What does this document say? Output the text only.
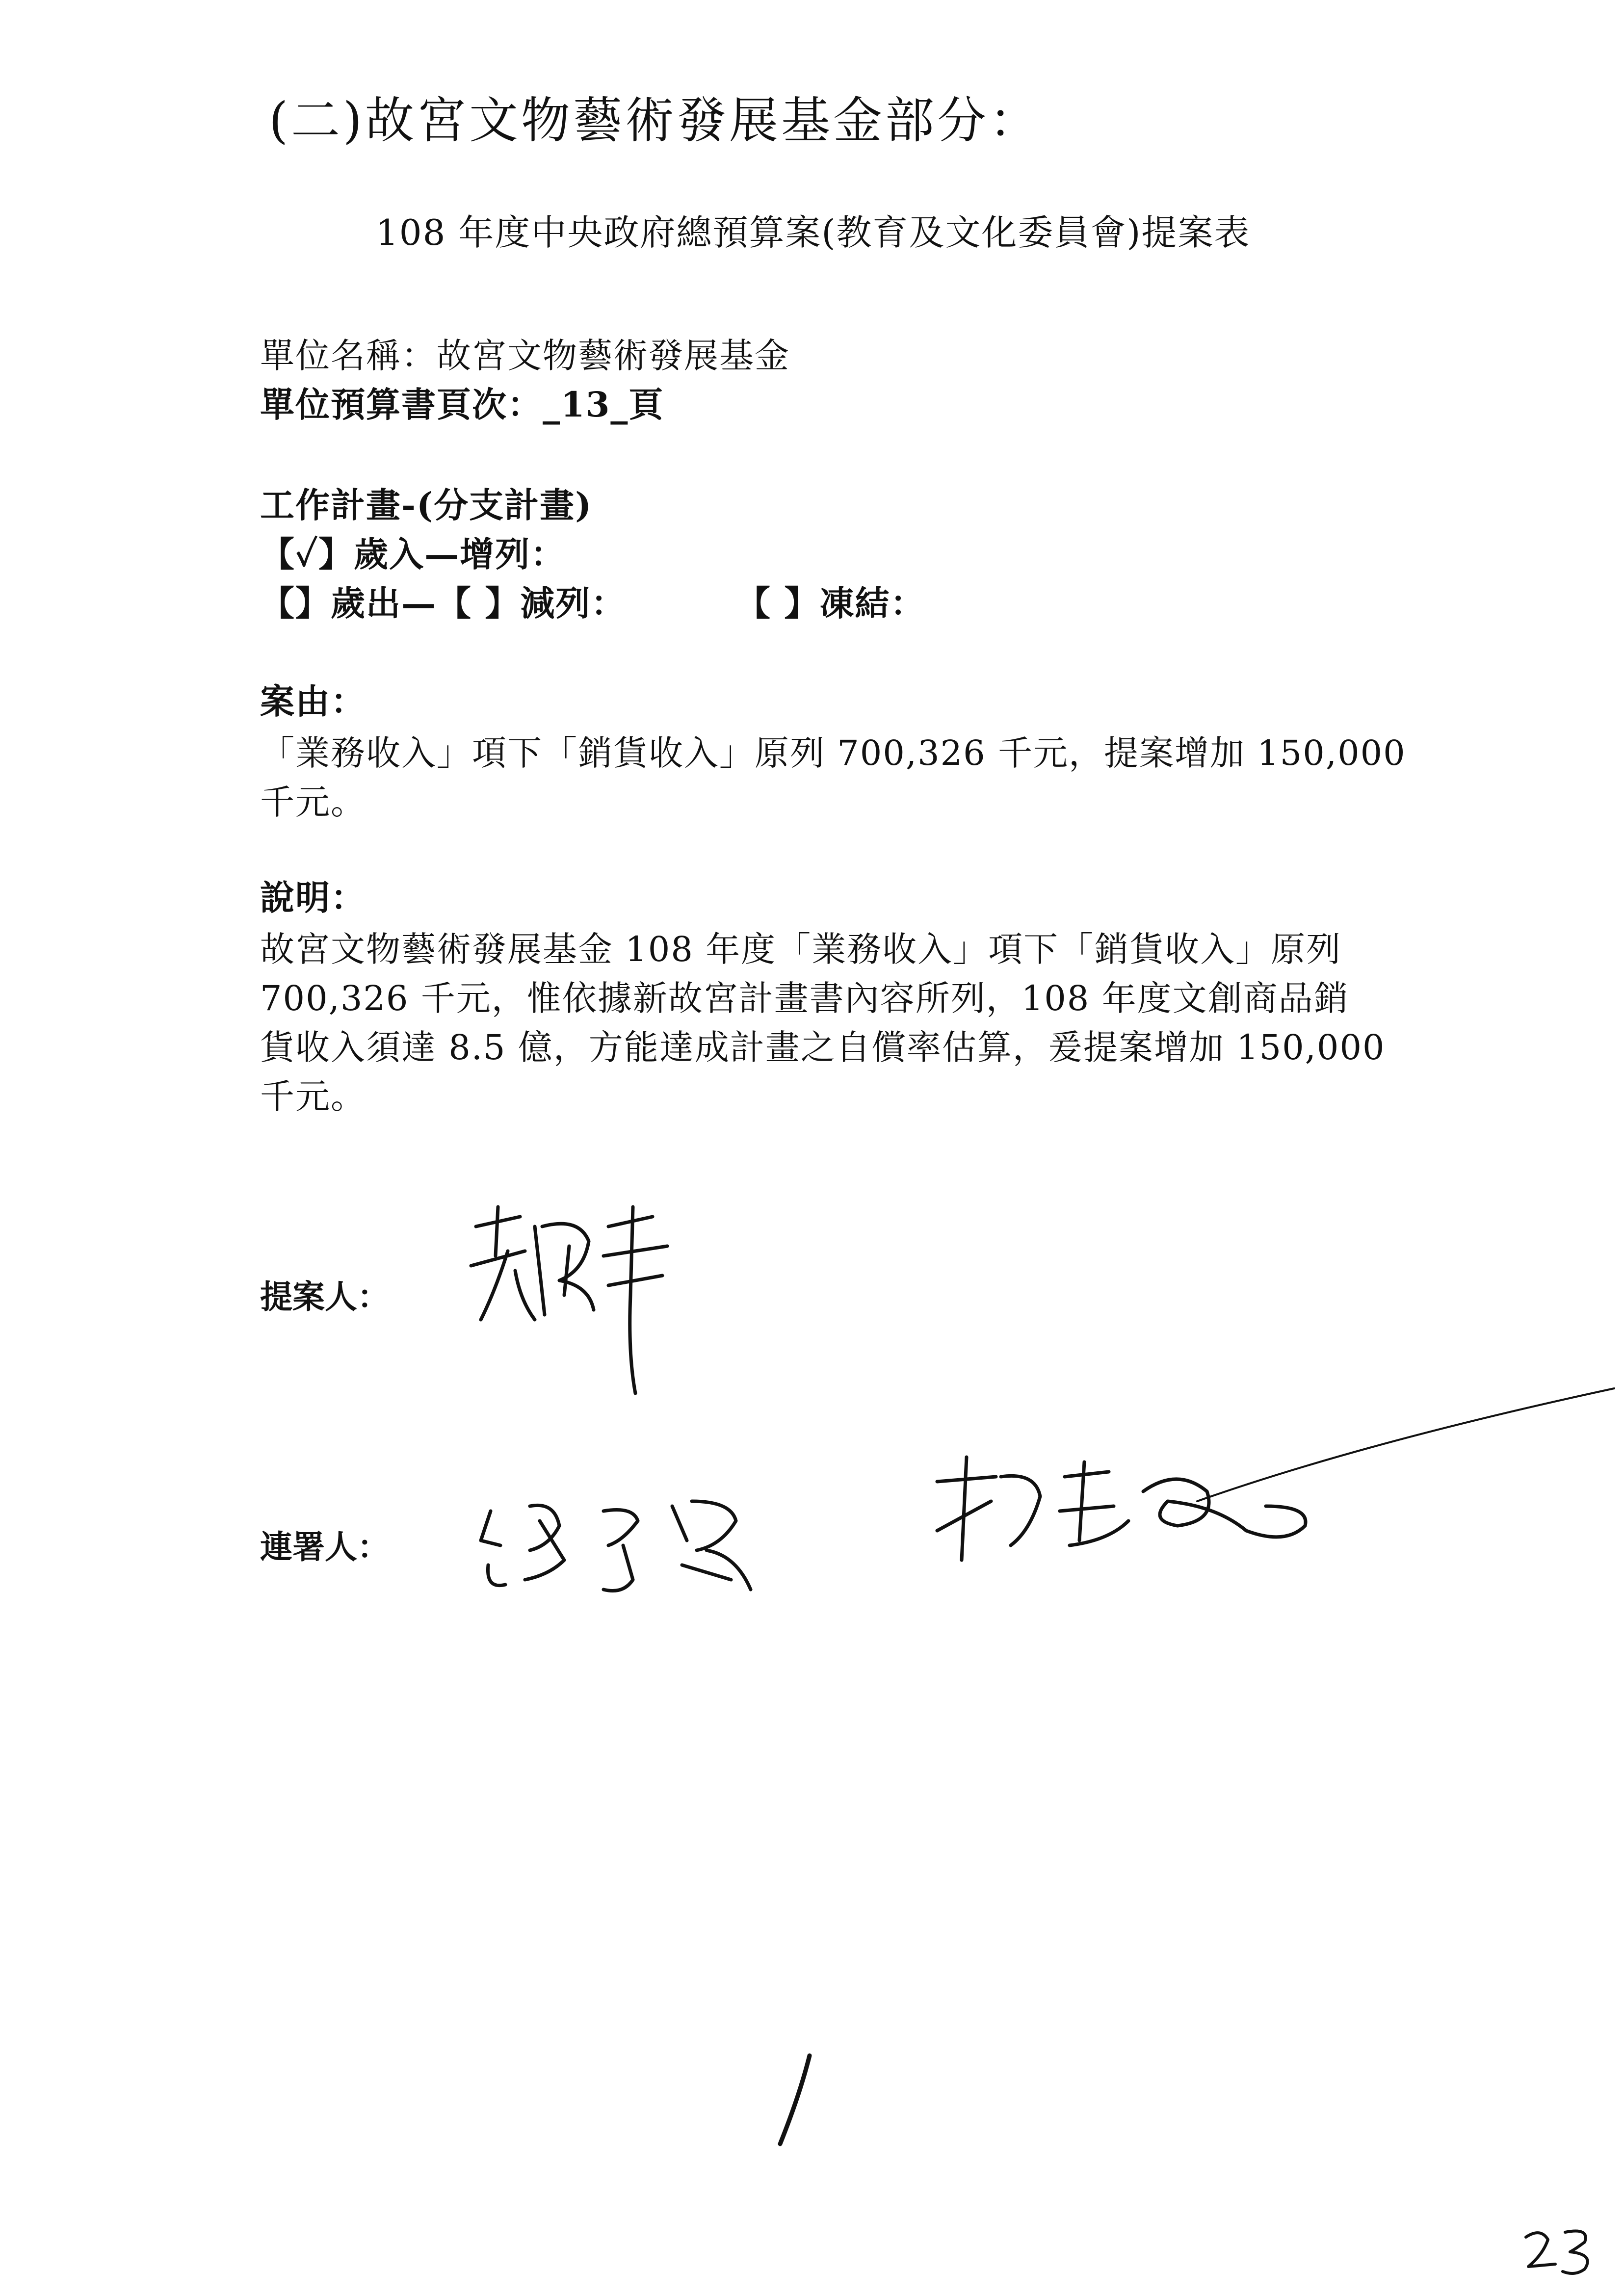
(二)故宮文物藝術發展基金部分：
108 年度中央政府總預算案(教育及文化委員會)提案表
單位名稱：故宮文物藝術發展基金
單位預算書頁次：_13_頁
工作計畫-(分支計畫)
【✓】歲入—增列：
【】歲出—【 】減列：	【 】凍結：
案由：
「業務收入」項下「銷貨收入」原列 700,326 千元，提案增加 150,000
千元。
說明：
故宮文物藝術發展基金 108 年度「業務收入」項下「銷貨收入」原列
700,326 千元，惟依據新故宮計畫書內容所列，108 年度文創商品銷
貨收入須達 8.5 億，方能達成計畫之自償率估算，爰提案增加 150,000
千元。
提案人：
連署人：
